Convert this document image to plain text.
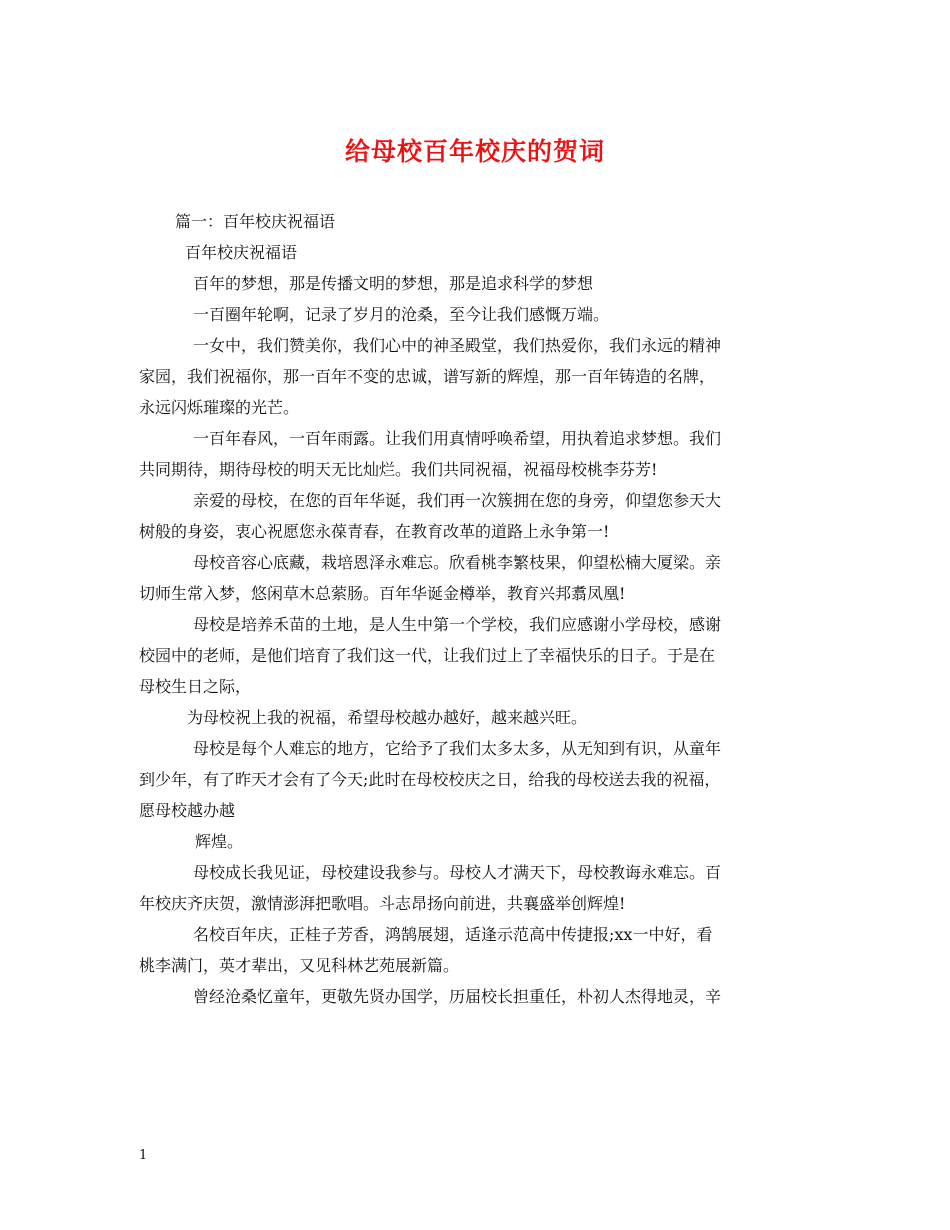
给母校百年校庆的贺词
篇一：百年校庆祝福语
百年校庆祝福语
百年的梦想，那是传播文明的梦想，那是追求科学的梦想
一百圈年轮啊，记录了岁月的沧桑，至今让我们感慨万端。
一女中，我们赞美你，我们心中的神圣殿堂，我们热爱你，我们永远的精神
家园，我们祝福你，那一百年不变的忠诚，谱写新的辉煌，那一百年铸造的名牌，
永远闪烁璀璨的光芒。
一百年春风，一百年雨露。让我们用真情呼唤希望，用执着追求梦想。我们
共同期待，期待母校的明天无比灿烂。我们共同祝福，祝福母校桃李芬芳!
亲爱的母校，在您的百年华诞，我们再一次簇拥在您的身旁，仰望您参天大
树般的身姿，衷心祝愿您永葆青春，在教育改革的道路上永争第一!
母校音容心底藏，栽培恩泽永难忘。欣看桃李繁枝果，仰望松楠大厦梁。亲
切师生常入梦，悠闲草木总萦肠。百年华诞金樽举，教育兴邦翥凤凰!
母校是培养禾苗的土地，是人生中第一个学校，我们应感谢小学母校，感谢
校园中的老师，是他们培育了我们这一代，让我们过上了幸福快乐的日子。于是在
母校生日之际，
为母校祝上我的祝福，希望母校越办越好，越来越兴旺。
母校是每个人难忘的地方，它给予了我们太多太多，从无知到有识，从童年
到少年，有了昨天才会有了今天;此时在母校校庆之日，给我的母校送去我的祝福，
愿母校越办越
辉煌。
母校成长我见证，母校建设我参与。母校人才满天下，母校教诲永难忘。百
年校庆齐庆贺，激情澎湃把歌唱。斗志昂扬向前进，共襄盛举创辉煌!
名校百年庆，正桂子芳香，鸿鹄展翅，适逢示范高中传捷报;xx一中好，看
桃李满门，英才辈出，又见科林艺苑展新篇。
曾经沧桑忆童年，更敬先贤办国学，历届校长担重任，朴初人杰得地灵，辛
1
